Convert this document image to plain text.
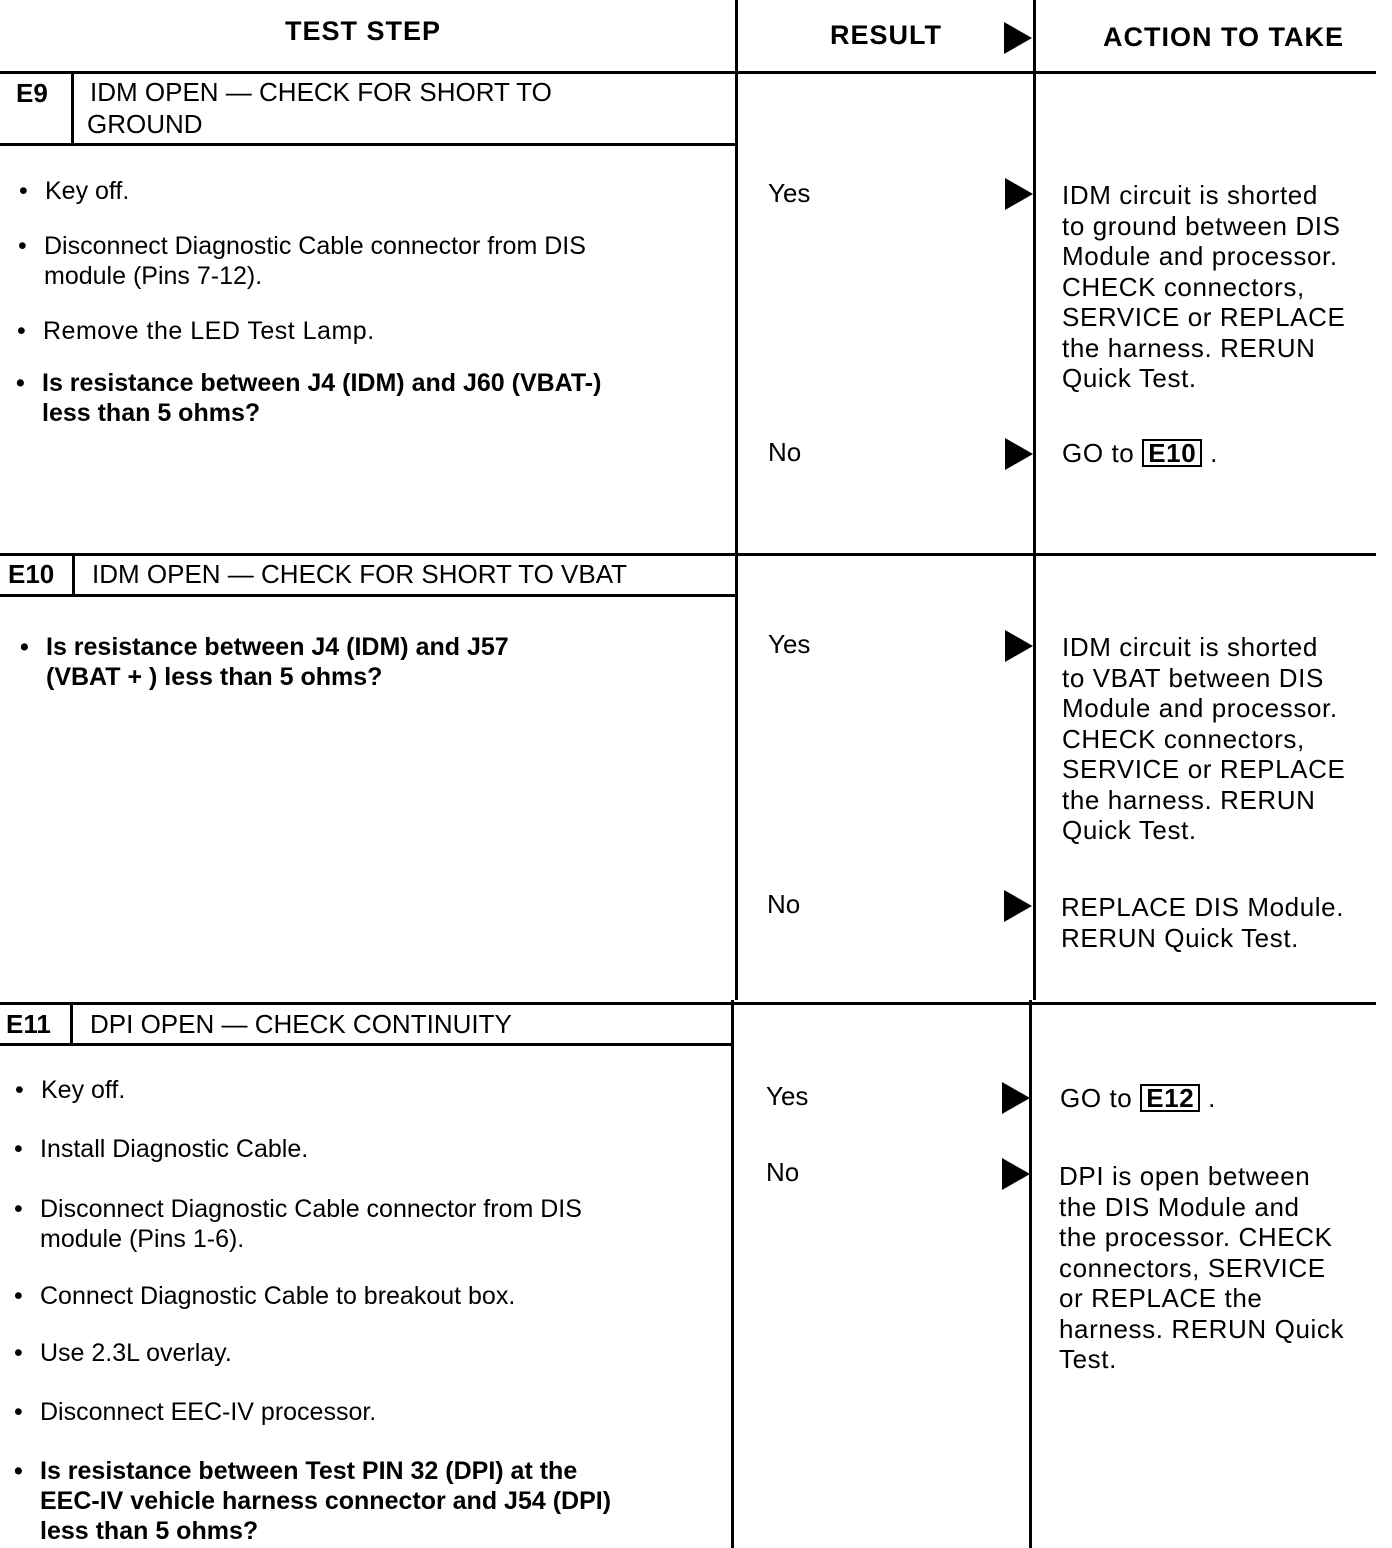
TEST STEP	RESULT	ACTION TO TAKE
E9 IDM OPEN — CHECK FOR SHORT TO
GROUND
• Key off.
• Disconnect Diagnostic Cable connector from DIS
module (Pins 7-12).
• Remove the LED Test Lamp.
• Is resistance between J4 (IDM) and J60 (VBAT-)
less than 5 ohms?
Yes	IDM circuit is shorted
to ground between DIS
Module and processor.
CHECK connectors,
SERVICE or REPLACE
the harness. RERUN
Quick Test.
No	GO to E10 .
E10 IDM OPEN — CHECK FOR SHORT TO VBAT
• Is resistance between J4 (IDM) and J57
(VBAT + ) less than 5 ohms?
Yes	IDM circuit is shorted
to VBAT between DIS
Module and processor.
CHECK connectors,
SERVICE or REPLACE
the harness. RERUN
Quick Test.
No	REPLACE DIS Module.
RERUN Quick Test.
E11 DPI OPEN — CHECK CONTINUITY
• Key off.
• Install Diagnostic Cable.
• Disconnect Diagnostic Cable connector from DIS
module (Pins 1-6).
• Connect Diagnostic Cable to breakout box.
• Use 2.3L overlay.
• Disconnect EEC-IV processor.
• Is resistance between Test PIN 32 (DPI) at the
EEC-IV vehicle harness connector and J54 (DPI)
less than 5 ohms?
Yes	GO to E12 .
No	DPI is open between
the DIS Module and
the processor. CHECK
connectors, SERVICE
or REPLACE the
harness. RERUN Quick
Test.
